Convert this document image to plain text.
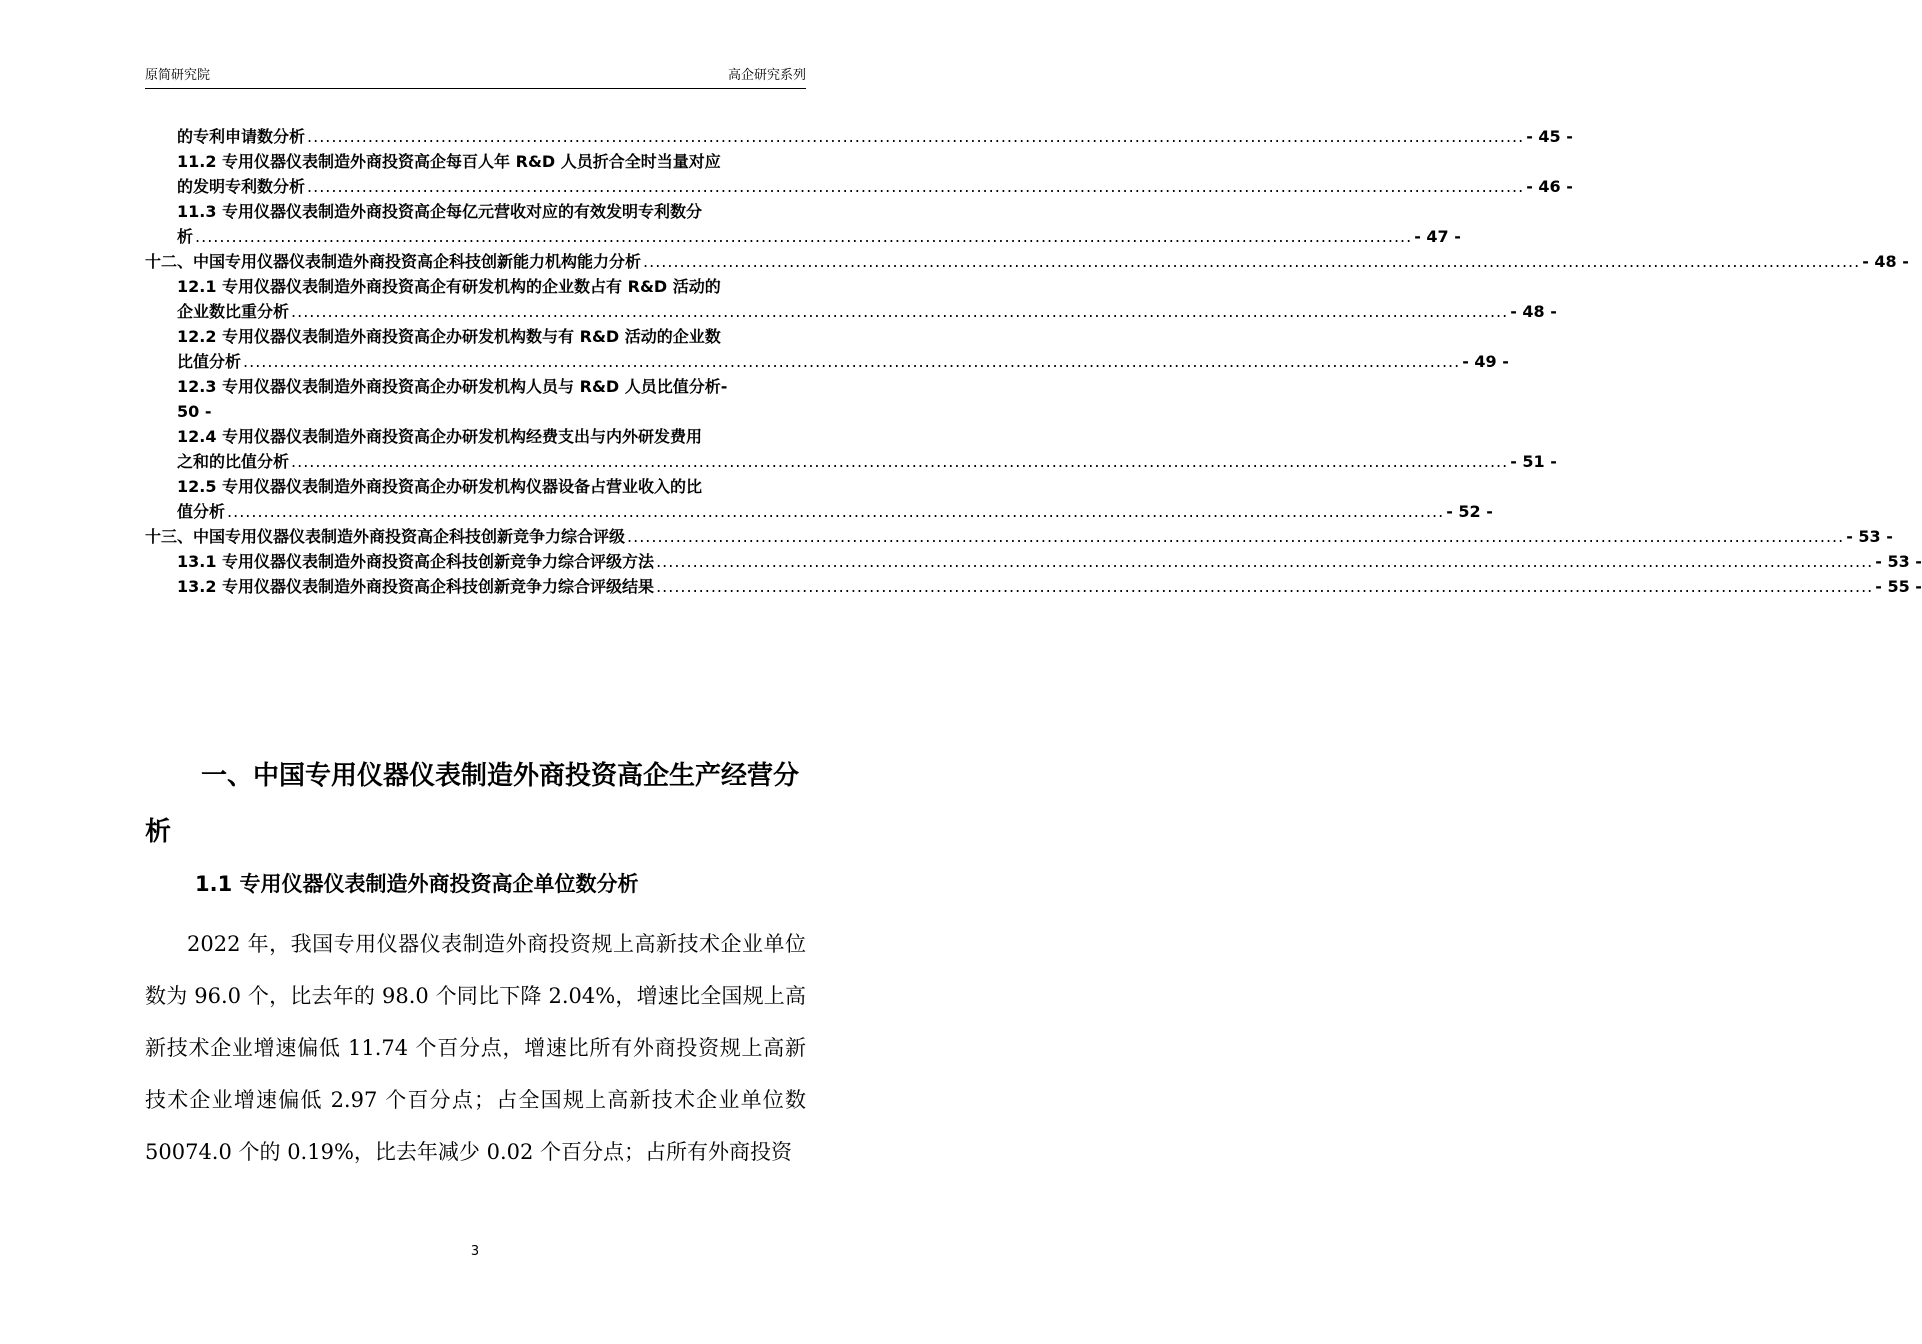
原简研究院	高企研究系列
的专利申请数分析 ........................................................................................................................................................................................................ - 45 -
11.2 专用仪器仪表制造外商投资高企每百人年 R&D 人员折合全时当量对应
的发明专利数分析 ........................................................................................................................................................................................................ - 46 -
11.3 专用仪器仪表制造外商投资高企每亿元营收对应的有效发明专利数分
析 ........................................................................................................................................................................................................ - 47 -
十二、中国专用仪器仪表制造外商投资高企科技创新能力机构能力分析 ........................................................................................................................................................................................................ - 48 -
12.1 专用仪器仪表制造外商投资高企有研发机构的企业数占有 R&D 活动的
企业数比重分析 ........................................................................................................................................................................................................ - 48 -
12.2 专用仪器仪表制造外商投资高企办研发机构数与有 R&D 活动的企业数
比值分析 ........................................................................................................................................................................................................ - 49 -
12.3 专用仪器仪表制造外商投资高企办研发机构人员与 R&D 人员比值分析-
50 -
12.4 专用仪器仪表制造外商投资高企办研发机构经费支出与内外研发费用
之和的比值分析 ........................................................................................................................................................................................................ - 51 -
12.5 专用仪器仪表制造外商投资高企办研发机构仪器设备占营业收入的比
值分析 ........................................................................................................................................................................................................ - 52 -
十三、中国专用仪器仪表制造外商投资高企科技创新竞争力综合评级 ........................................................................................................................................................................................................ - 53 -
13.1 专用仪器仪表制造外商投资高企科技创新竞争力综合评级方法 ........................................................................................................................................................................................................ - 53 -
13.2 专用仪器仪表制造外商投资高企科技创新竞争力综合评级结果 ........................................................................................................................................................................................................ - 55 -
一、中国专用仪器仪表制造外商投资高企生产经营分析
1.1 专用仪器仪表制造外商投资高企单位数分析
2022 年，我国专用仪器仪表制造外商投资规上高新技术企业单位数为 96.0 个，比去年的 98.0 个同比下降 2.04%，增速比全国规上高新技术企业增速偏低 11.74 个百分点，增速比所有外商投资规上高新技术企业增速偏低 2.97 个百分点；占全国规上高新技术企业单位数 50074.0 个的 0.19%，比去年减少 0.02 个百分点；占所有外商投资
3
